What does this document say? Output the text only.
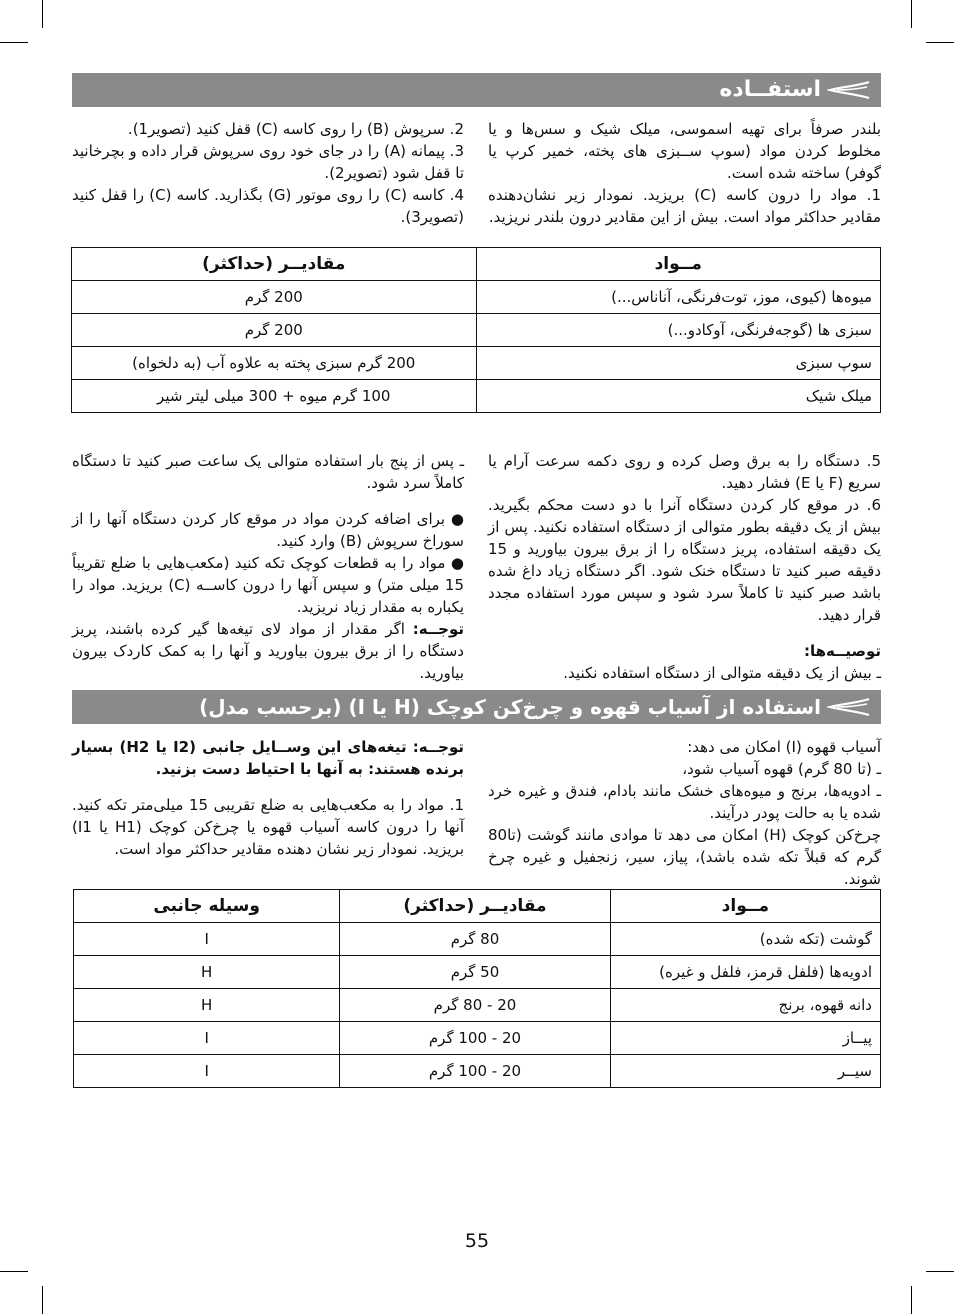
استفــاده

بلندر صرفاً برای تهیه اسموسی، میلک شیک و سس‌ها و یا مخلوط کردن مواد (سوپ ســبزی های پخته، خمیر کرپ یا گوفر) ساخته شده است.

1. مواد را درون کاسه (C) بریزید. نمودار زیر نشان‌دهنده مقادیر حداکثر مواد است. بیش از این مقادیر درون بلندر نریزید.

2. سرپوش (B) را روی کاسه (C) قفل کنید (تصویر1).

3. پیمانه (A) را در جای خود روی سرپوش قرار داده و بچرخانید تا قفل شود (تصویر2).

4. کاسه (C) را روی موتور (G) بگذارید. کاسه (C) را قفل کنید (تصویر3).

مــواد	مقادیــر (حداکثر)
میوه‌ها (کیوی، موز، توت‌فرنگی، آناناس...)	200 گرم
سبزی ها (گوجه‌فرنگی، آوکادو...)	200 گرم
سوپ سبزی	200 گرم سبزی پخته به علاوه آب (به دلخواه)
میلک شیک	100 گرم میوه + 300 میلی لیتر شیر

5. دستگاه را به برق وصل کرده و روی دکمه سرعت آرام یا سریع (F یا E) فشار دهید.

6. در موقع کار کردن دستگاه آنرا با دو دست محکم بگیرید. بیش از یک دقیقه بطور متوالی از دستگاه استفاده نکنید. پس از یک دقیقه استفاده، پریز دستگاه را از برق بیرون بیاورید و 15 دقیقه صبر کنید تا دستگاه خنک شود. اگر دستگاه زیاد داغ شده باشد صبر کنید تا کاملاً سرد شود و سپس مورد استفاده مجدد قرار دهید.

توصیــه‌ها:

ـ بیش از یک دقیقه متوالی از دستگاه استفاده نکنید.

ـ پس از پنج بار استفاده متوالی یک ساعت صبر کنید تا دستگاه کاملاً سرد شود.

● برای اضافه کردن مواد در موقع کار کردن دستگاه آنها را از سوراخ سرپوش (B) وارد کنید.

● مواد را به قطعات کوچک تکه کنید (مکعب‌هایی با ضلع تقریباً 15 میلی متر) و سپس آنها را درون کاســه (C) بریزید. مواد را یکباره به مقدار زیاد نریزید.

توجــه: اگر مقدار از مواد لای تیغه‌ها گیر کرده باشند، پریز دستگاه را از برق بیرون بیاورید و آنها را به کمک کاردک بیرون بیاورید.

استفاده از آسیاب قهوه و چرخ‌کن کوچک (H یا I) (برحسب مدل)

آسیاب قهوه (I) امکان می دهد:

ـ (تا 80 گرم) قهوه آسیاب شود،

ـ ادویه‌ها، برنج و میوه‌های خشک مانند بادام، فندق و غیره خرد شده یا به حالت پودر درآیند.

چرخ‌کن کوچک (H) امکان می دهد تا موادی مانند گوشت (تا80 گرم که قبلاً تکه شده باشد)، پیاز، سیر، زنجفیل و غیره چرخ شوند.

توجــه: تیغه‌های این وســایل جانبی (I2 یا H2) بسیار برنده هستند: به آنها با احتیاط دست بزنید.

1. مواد را به مکعب‌هایی به ضلع تقریبی 15 میلی‌متر تکه کنید. آنها را درون کاسه آسیاب قهوه یا چرخ‌کن کوچک (H1 یا I1) بریزید. نمودار زیر نشان دهنده مقادیر حداکثر مواد است.

مــواد	مقادیــر (حداکثر)	وسیله جانبی
گوشت (تکه شده)	80 گرم	I
ادویه‌ها (فلفل قرمز، فلفل و غیره)	50 گرم	H
دانه قهوه، برنج	20 - 80 گرم	H
پیــاز	20 - 100 گرم	I
سیــر	20 - 100 گرم	I
55
